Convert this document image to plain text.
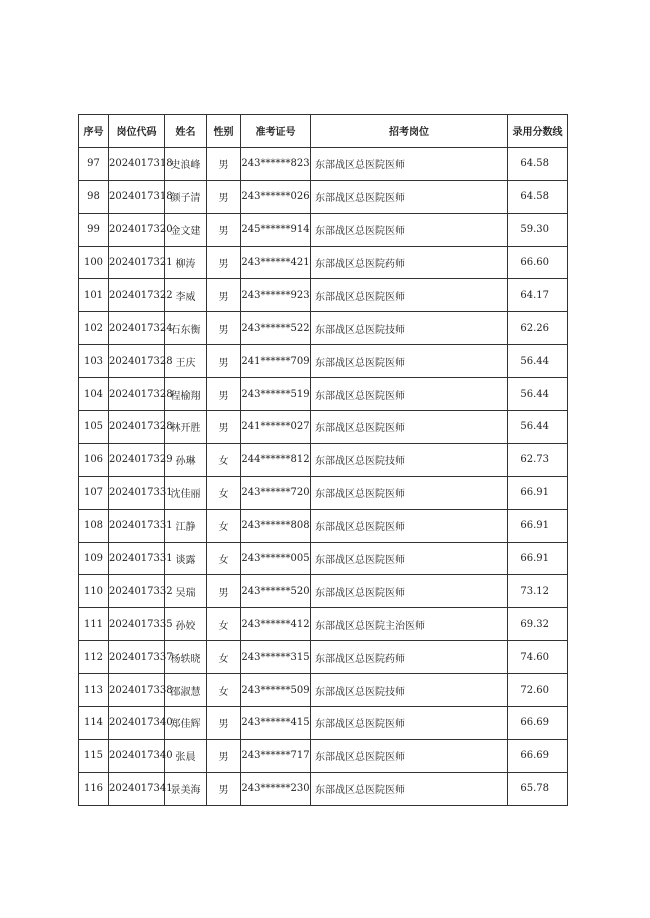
序号	岗位代码	姓名	性别	准考证号	招考岗位	录用分数线
97	2024017318	史浪峰	男	243******823	东部战区总医院医师	64.58
98	2024017318	颜子清	男	243******026	东部战区总医院医师	64.58
99	2024017320	金文建	男	245******914	东部战区总医院医师	59.30
100	2024017321	柳涛	男	243******421	东部战区总医院药师	66.60
101	2024017322	李威	男	243******923	东部战区总医院医师	64.17
102	2024017324	石东衡	男	243******522	东部战区总医院技师	62.26
103	2024017328	王庆	男	241******709	东部战区总医院医师	56.44
104	2024017328	程榆翔	男	243******519	东部战区总医院医师	56.44
105	2024017328	林开胜	男	241******027	东部战区总医院医师	56.44
106	2024017329	孙琳	女	244******812	东部战区总医院技师	62.73
107	2024017331	沈佳丽	女	243******720	东部战区总医院医师	66.91
108	2024017331	江静	女	243******808	东部战区总医院医师	66.91
109	2024017331	谈露	女	243******005	东部战区总医院医师	66.91
110	2024017332	吴瑞	男	243******520	东部战区总医院医师	73.12
111	2024017335	孙姣	女	243******412	东部战区总医院主治医师	69.32
112	2024017337	杨轶晓	女	243******315	东部战区总医院药师	74.60
113	2024017338	邵淑慧	女	243******509	东部战区总医院技师	72.60
114	2024017340	郑佳辉	男	243******415	东部战区总医院医师	66.69
115	2024017340	张晨	男	243******717	东部战区总医院医师	66.69
116	2024017341	景美海	男	243******230	东部战区总医院医师	65.78
